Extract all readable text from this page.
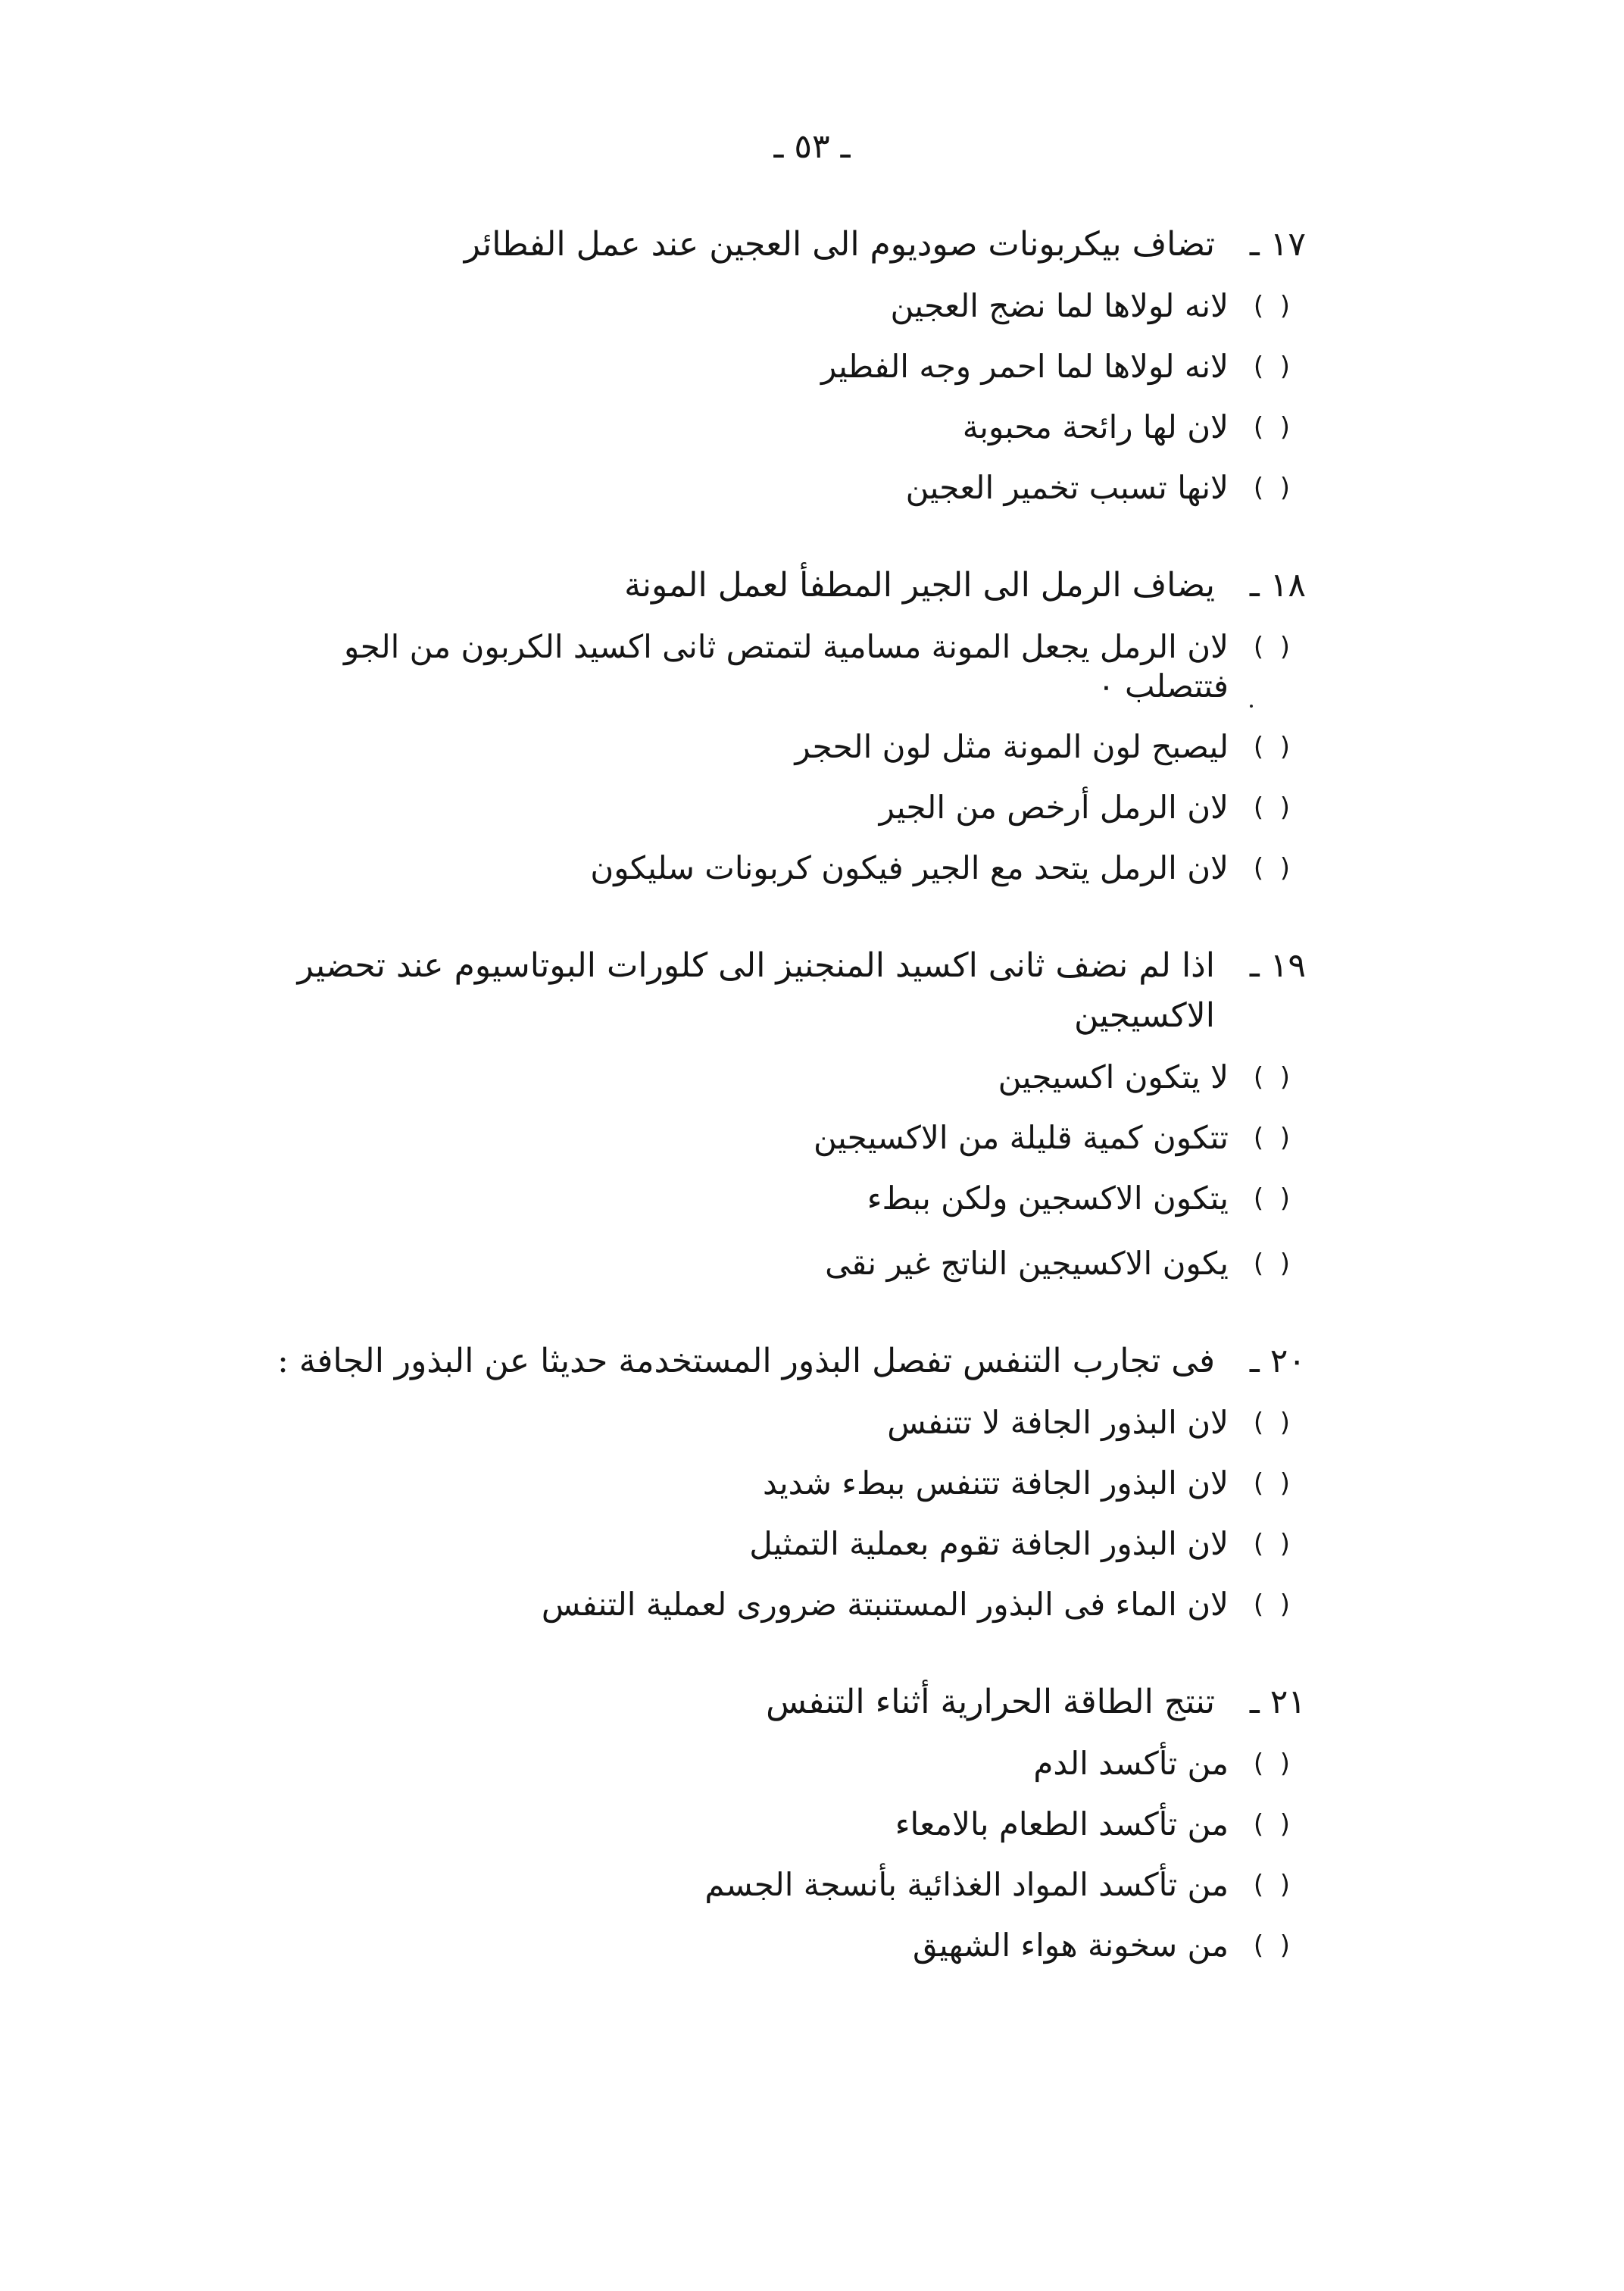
ـ ٥٣ ـ
١٧ ـ
تضاف بيكربونات صوديوم الى العجين عند عمل الفطائر
(  )
لانه لولاها لما نضج العجين
(  )
لانه لولاها لما احمر وجه الفطير
(  )
لان لها رائحة محبوبة
(  )
لانها تسبب تخمير العجين
١٨ ـ
يضاف الرمل الى الجير المطفأ لعمل المونة
(  )
لان الرمل يجعل المونة مسامية لتمتص ثانى اكسيد الكربون من الجو فتتصلب ٠
(  )
ليصبح لون المونة مثل لون الحجر
(  )
لان الرمل أرخص من الجير
(  )
لان الرمل يتحد مع الجير فيكون كربونات سليكون
١٩ ـ
اذا لم نضف ثانى اكسيد المنجنيز الى كلورات البوتاسيوم عند تحضير الاكسيجين
(  )
لا يتكون اكسيجين
(  )
تتكون كمية قليلة من الاكسيجين
(  )
يتكون الاكسجين ولكن ببطء
(  )
يكون الاكسيجين الناتج غير نقى
٢٠ ـ
فى تجارب التنفس تفصل البذور المستخدمة حديثا عن البذور الجافة :
(  )
لان البذور الجافة لا تتنفس
(  )
لان البذور الجافة تتنفس ببطء شديد
(  )
لان البذور الجافة تقوم بعملية التمثيل
(  )
لان الماء فى البذور المستنبتة ضرورى لعملية التنفس
٢١ ـ
تنتج الطاقة الحرارية أثناء التنفس
(  )
من تأكسد الدم
(  )
من تأكسد الطعام بالامعاء
(  )
من تأكسد المواد الغذائية بأنسجة الجسم
(  )
من سخونة هواء الشهيق
